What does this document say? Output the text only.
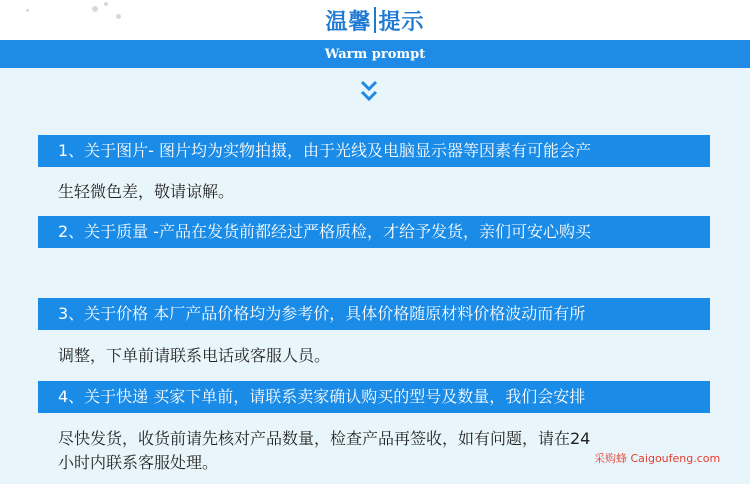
温馨 提示
Warm prompt
1、关于图片- 图片均为实物拍摄，由于光线及电脑显示器等因素有可能会产
生轻微色差，敬请谅解。
2、关于质量 -产品在发货前都经过严格质检，才给予发货，亲们可安心购买
3、关于价格 本厂产品价格均为参考价，具体价格随原材料价格波动而有所
调整，下单前请联系电话或客服人员。
4、关于快递 买家下单前，请联系卖家确认购买的型号及数量，我们会安排
尽快发货，收货前请先核对产品数量，检查产品再签收，如有问题，请在24
小时内联系客服处理。	采购蜂 Caigoufeng.com
